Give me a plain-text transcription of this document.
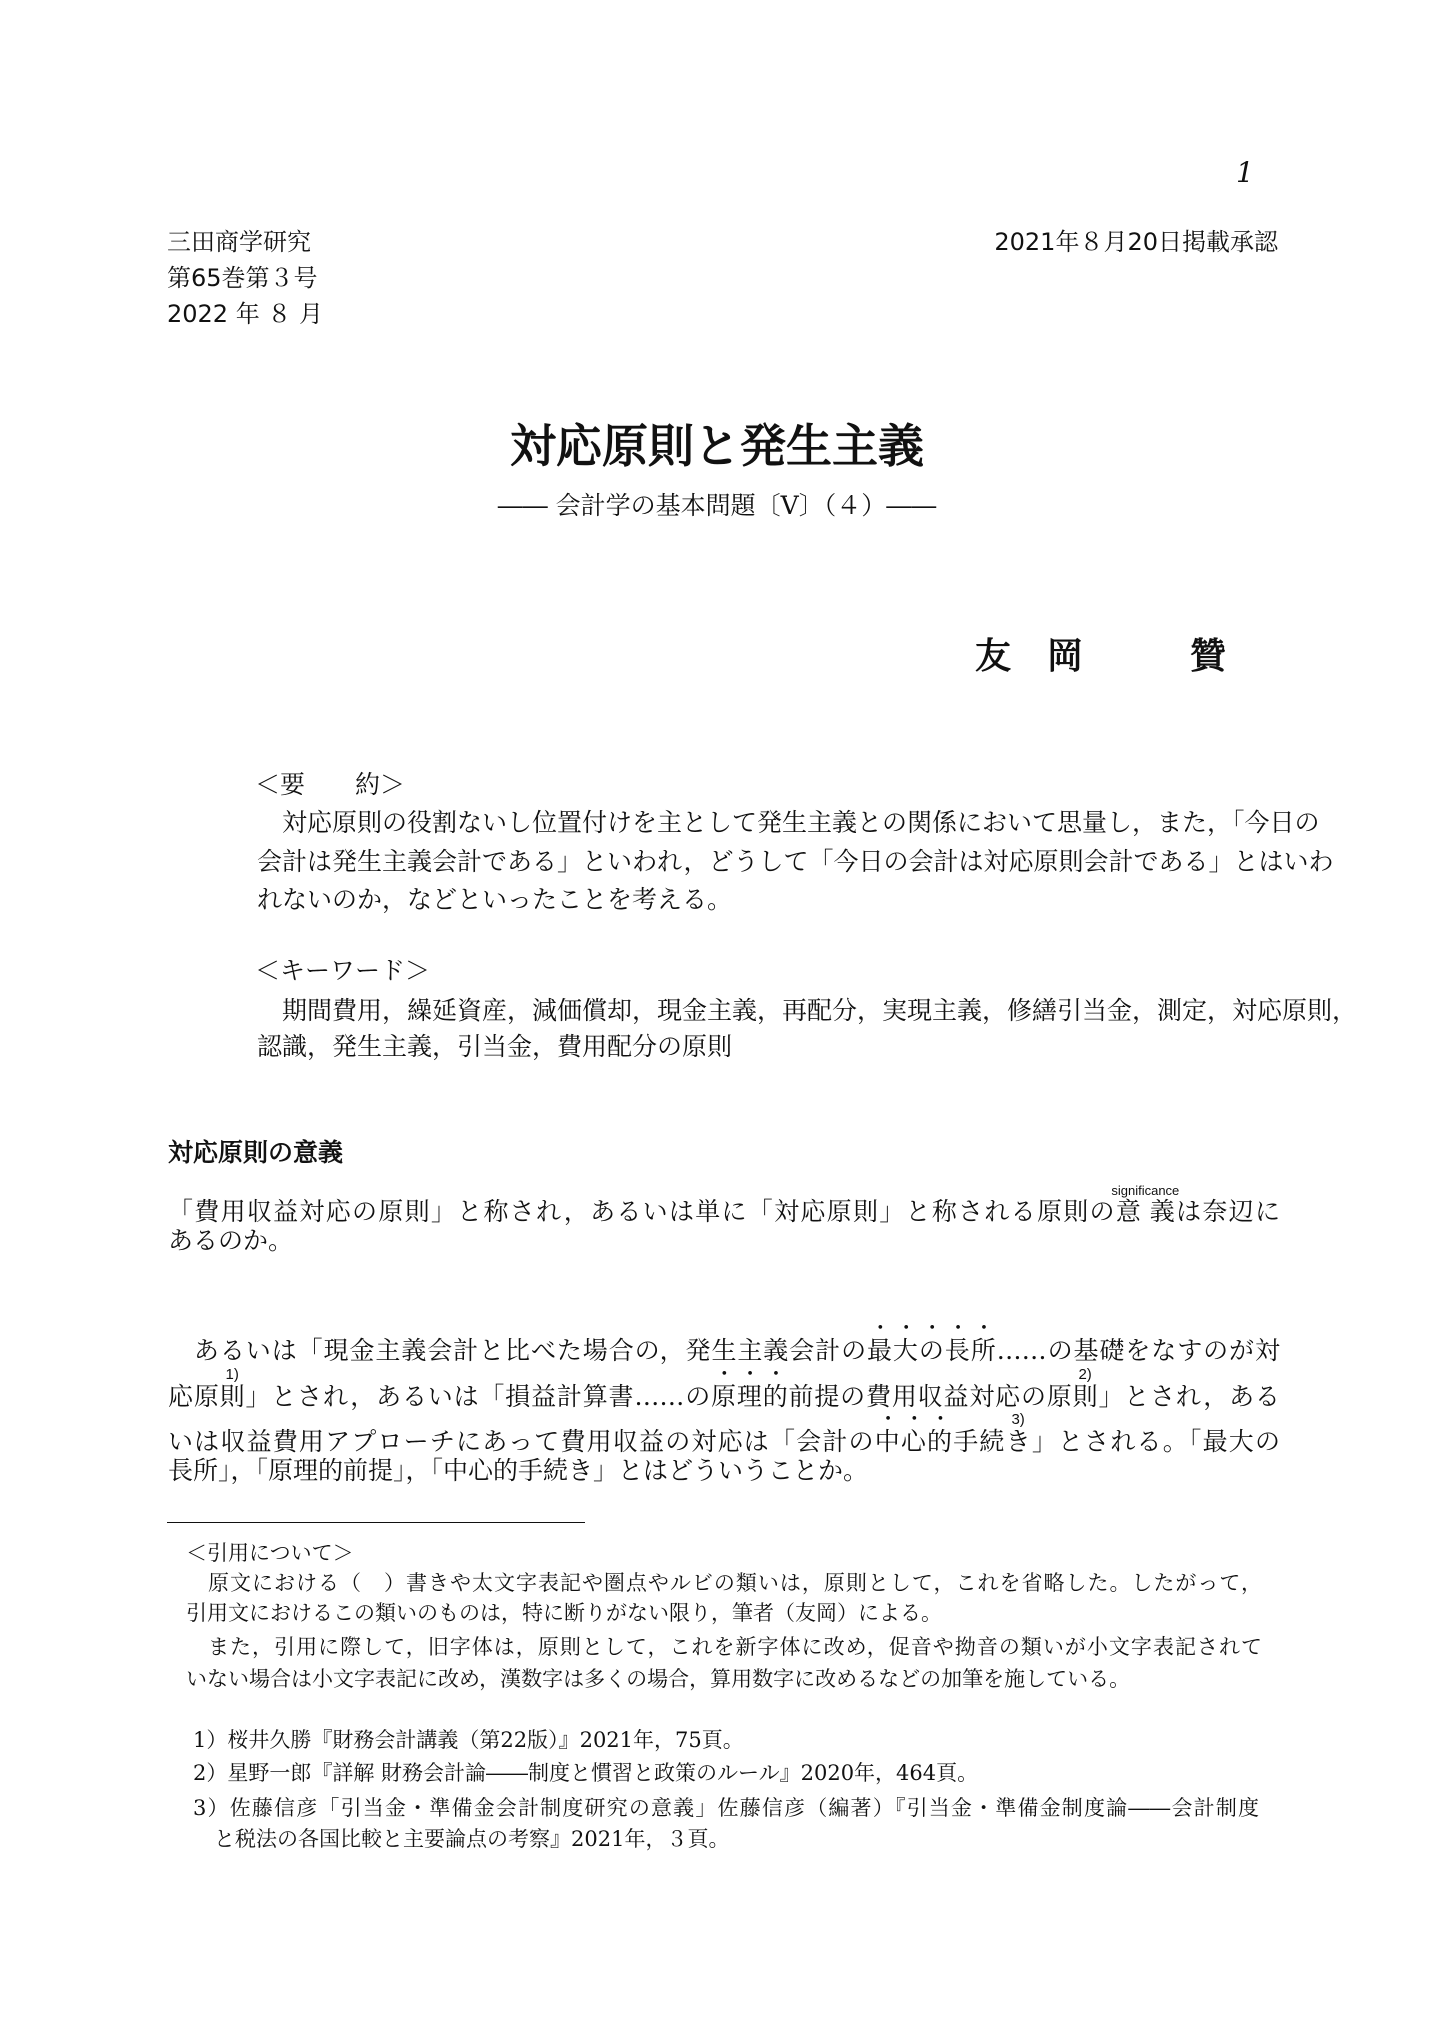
1
三田商学研究
第65巻第３号
2022 年 ８ 月
2021年８月20日掲載承認
対応原則と発生主義
―― 会計学の基本問題〔Ⅴ〕（４）――
友　岡	贊
＜要　　約＞
　対応原則の役割ないし位置付けを主として発生主義との関係において思量し，また，「今日の
会計は発生主義会計である」といわれ，どうして「今日の会計は対応原則会計である」とはいわ
れないのか，などといったことを考える。
＜キーワード＞
　期間費用，繰延資産，減価償却，現金主義，再配分，実現主義，修繕引当金，測定，対応原則，
認識，発生主義，引当金，費用配分の原則
対応原則の意義
「費用収益対応の原則」と称され，あるいは単に「対応原則」と称される原則の意義significanceは奈辺に
あるのか。
　あるいは「現金主義会計と比べた場合の，発生主義会計の最大の長所……の基礎をなすのが対
応原則1)」とされ，あるいは「損益計算書……の原理的前提の費用収益対応の原則2)」とされ，ある
いは収益費用アプローチにあって費用収益の対応は「会計の中心的手続き3)」とされる。「最大の
長所」，「原理的前提」，「中心的手続き」とはどういうことか。
＜引用について＞
　原文における（　）書きや太文字表記や圏点やルビの類いは，原則として，これを省略した。したがって，
引用文におけるこの類いのものは，特に断りがない限り，筆者（友岡）による。
　また，引用に際して，旧字体は，原則として，これを新字体に改め，促音や拗音の類いが小文字表記されて
いない場合は小文字表記に改め，漢数字は多くの場合，算用数字に改めるなどの加筆を施している。
1）桜井久勝『財務会計講義（第22版）』2021年，75頁。
2）星野一郎『詳解 財務会計論――制度と慣習と政策のルール』2020年，464頁。
3）佐藤信彦「引当金・準備金会計制度研究の意義」佐藤信彦（編著）『引当金・準備金制度論――会計制度
　と税法の各国比較と主要論点の考察』2021年，３頁。
